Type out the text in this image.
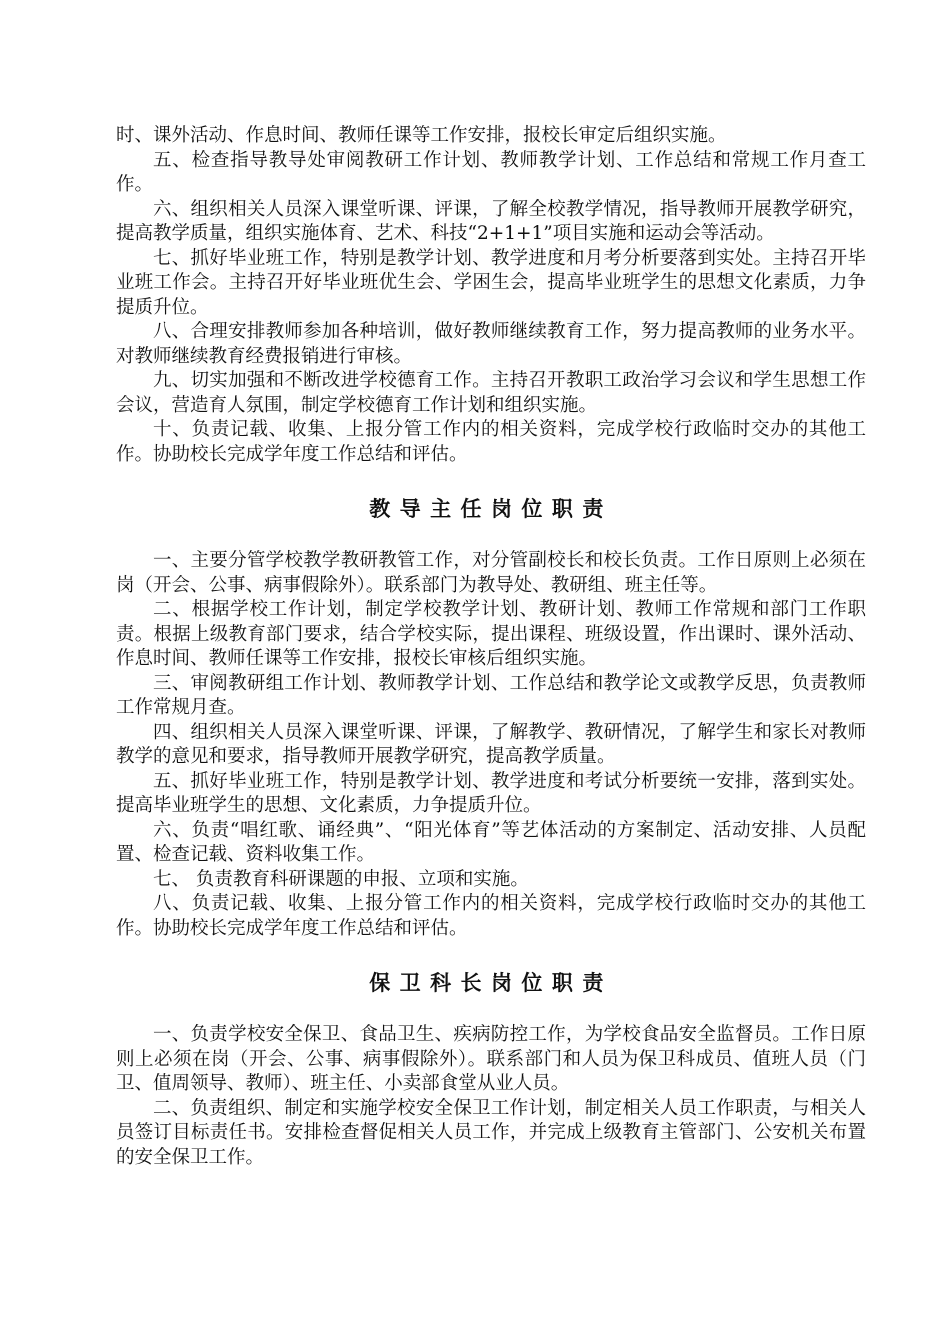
时、课外活动、作息时间、教师任课等工作安排，报校长审定后组织实施。

五、检查指导教导处审阅教研工作计划、教师教学计划、工作总结和常规工作月查工作。

六、组织相关人员深入课堂听课、评课，了解全校教学情况，指导教师开展教学研究，提高教学质量，组织实施体育、艺术、科技“2+1+1”项目实施和运动会等活动。

七、抓好毕业班工作，特别是教学计划、教学进度和月考分析要落到实处。主持召开毕业班工作会。主持召开好毕业班优生会、学困生会，提高毕业班学生的思想文化素质，力争提质升位。

八、合理安排教师参加各种培训，做好教师继续教育工作，努力提高教师的业务水平。对教师继续教育经费报销进行审核。

九、切实加强和不断改进学校德育工作。主持召开教职工政治学习会议和学生思想工作会议，营造育人氛围，制定学校德育工作计划和组织实施。

十、负责记载、收集、上报分管工作内的相关资料，完成学校行政临时交办的其他工作。协助校长完成学年度工作总结和评估。

教导主任岗位职责

一、主要分管学校教学教研教管工作，对分管副校长和校长负责。工作日原则上必须在岗（开会、公事、病事假除外）。联系部门为教导处、教研组、班主任等。

二、根据学校工作计划，制定学校教学计划、教研计划、教师工作常规和部门工作职责。根据上级教育部门要求，结合学校实际，提出课程、班级设置，作出课时、课外活动、作息时间、教师任课等工作安排，报校长审核后组织实施。

三、审阅教研组工作计划、教师教学计划、工作总结和教学论文或教学反思，负责教师工作常规月查。

四、组织相关人员深入课堂听课、评课，了解教学、教研情况，了解学生和家长对教师教学的意见和要求，指导教师开展教学研究，提高教学质量。

五、抓好毕业班工作，特别是教学计划、教学进度和考试分析要统一安排，落到实处。提高毕业班学生的思想、文化素质，力争提质升位。

六、负责“唱红歌、诵经典”、“阳光体育”等艺体活动的方案制定、活动安排、人员配置、检查记载、资料收集工作。

七、 负责教育科研课题的申报、立项和实施。

八、负责记载、收集、上报分管工作内的相关资料，完成学校行政临时交办的其他工作。协助校长完成学年度工作总结和评估。

保卫科长岗位职责

一、负责学校安全保卫、食品卫生、疾病防控工作，为学校食品安全监督员。工作日原则上必须在岗（开会、公事、病事假除外）。联系部门和人员为保卫科成员、值班人员（门卫、值周领导、教师）、班主任、小卖部食堂从业人员。

二、负责组织、制定和实施学校安全保卫工作计划，制定相关人员工作职责，与相关人员签订目标责任书。安排检查督促相关人员工作，并完成上级教育主管部门、公安机关布置的安全保卫工作。
